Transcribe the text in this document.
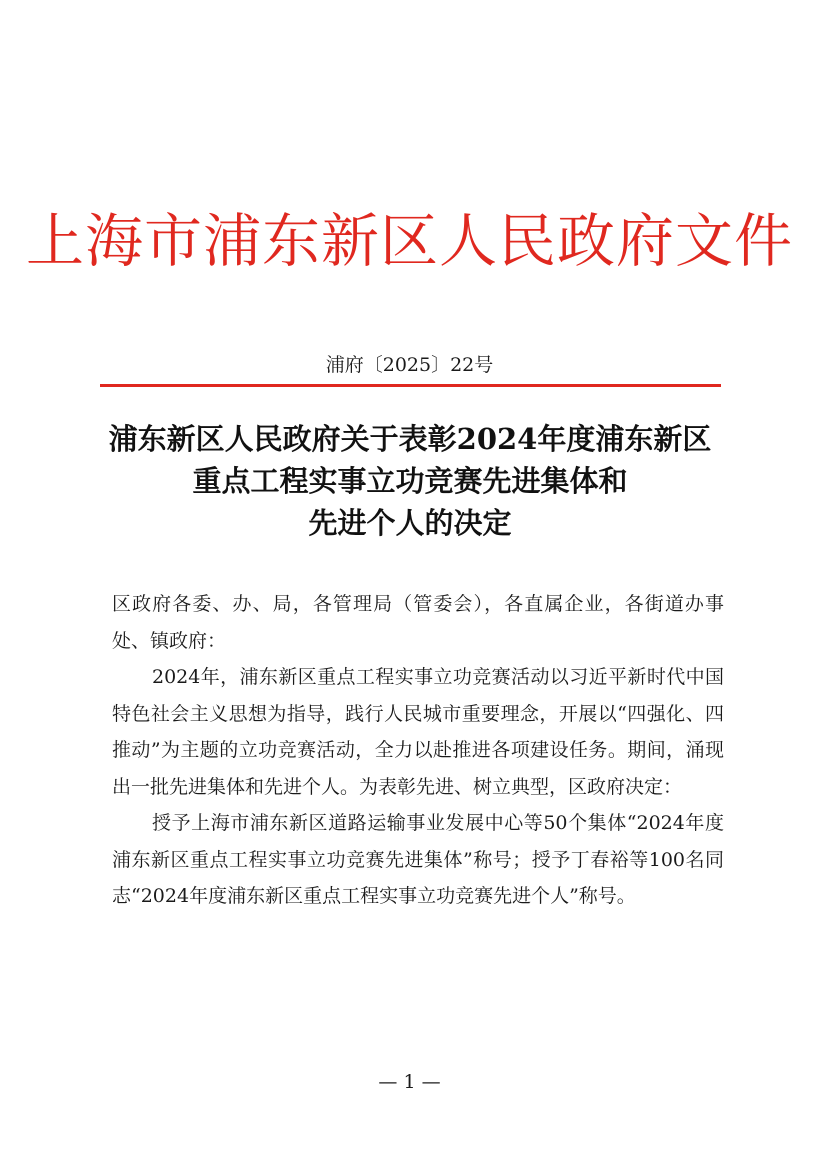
上海市浦东新区人民政府文件
浦府〔2025〕22号
浦东新区人民政府关于表彰2024年度浦东新区
重点工程实事立功竞赛先进集体和
先进个人的决定

区政府各委、办、局，各管理局（管委会），各直属企业，各街道办事处、镇政府：

2024年，浦东新区重点工程实事立功竞赛活动以习近平新时代中国特色社会主义思想为指导，践行人民城市重要理念，开展以“四强化、四推动”为主题的立功竞赛活动，全力以赴推进各项建设任务。期间，涌现出一批先进集体和先进个人。为表彰先进、树立典型，区政府决定：

授予上海市浦东新区道路运输事业发展中心等50个集体“2024年度浦东新区重点工程实事立功竞赛先进集体”称号；授予丁春裕等100名同志“2024年度浦东新区重点工程实事立功竞赛先进个人”称号。

— 1 —
